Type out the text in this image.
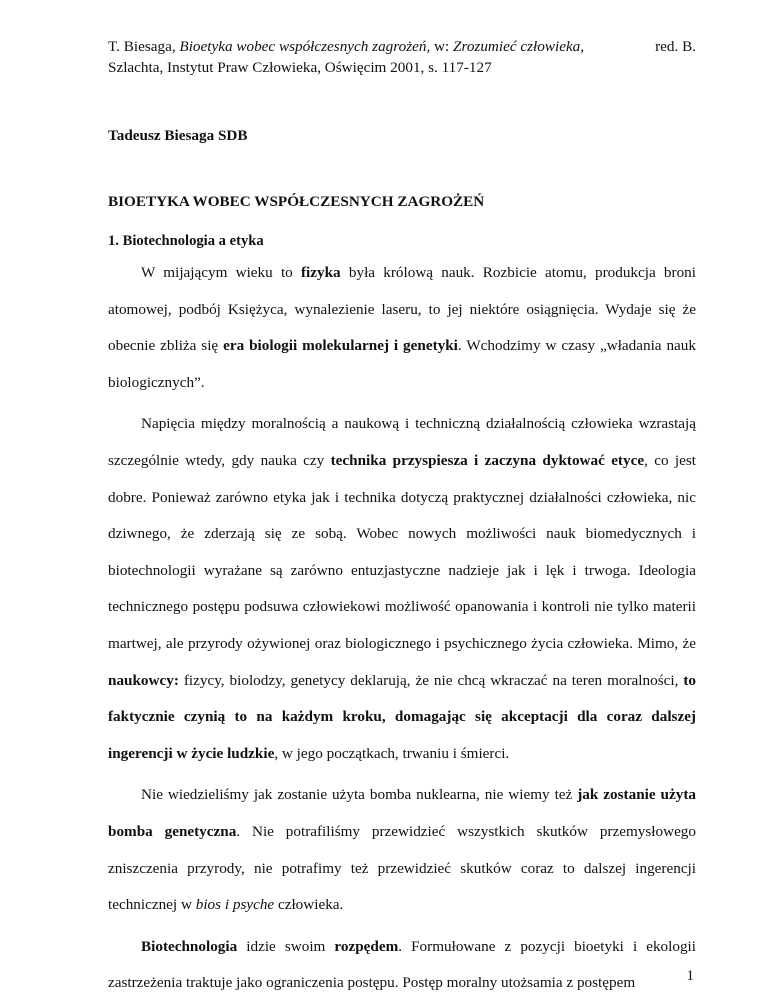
T. Biesaga, Bioetyka wobec współczesnych zagrożeń, w: Zrozumieć człowieka,	red. B.
Szlachta, Instytut Praw Człowieka, Oświęcim 2001, s. 117-127
Tadeusz Biesaga SDB
BIOETYKA WOBEC WSPÓŁCZESNYCH ZAGROŻEŃ
1. Biotechnologia a etyka

W mijającym wieku to fizyka była królową nauk. Rozbicie atomu, produkcja broni atomowej, podbój Księżyca, wynalezienie laseru, to jej niektóre osiągnięcia. Wydaje się że obecnie zbliża się era biologii molekularnej i genetyki. Wchodzimy w czasy „władania nauk biologicznych”.

Napięcia między moralnością a naukową i techniczną działalnością człowieka wzrastają szczególnie wtedy, gdy nauka czy technika przyspiesza i zaczyna dyktować etyce, co jest dobre. Ponieważ zarówno etyka jak i technika dotyczą praktycznej działalności człowieka, nic dziwnego, że zderzają się ze sobą. Wobec nowych możliwości nauk biomedycznych i biotechnologii wyrażane są zarówno entuzjastyczne nadzieje jak i lęk i trwoga. Ideologia technicznego postępu podsuwa człowiekowi możliwość opanowania i kontroli nie tylko materii martwej, ale przyrody ożywionej oraz biologicznego i psychicznego życia człowieka. Mimo, że naukowcy: fizycy, biolodzy, genetycy deklarują, że nie chcą wkraczać na teren moralności, to faktycznie czynią to na każdym kroku, domagając się akceptacji dla coraz dalszej ingerencji w życie ludzkie, w jego początkach, trwaniu i śmierci.

Nie wiedzieliśmy jak zostanie użyta bomba nuklearna, nie wiemy też jak zostanie użyta bomba genetyczna. Nie potrafiliśmy przewidzieć wszystkich skutków przemysłowego zniszczenia przyrody, nie potrafimy też przewidzieć skutków coraz to dalszej ingerencji technicznej w bios i psyche człowieka.

Biotechnologia idzie swoim rozpędem. Formułowane z pozycji bioetyki i ekologii zastrzeżenia traktuje jako ograniczenia postępu. Postęp moralny utożsamia z postępem	1
